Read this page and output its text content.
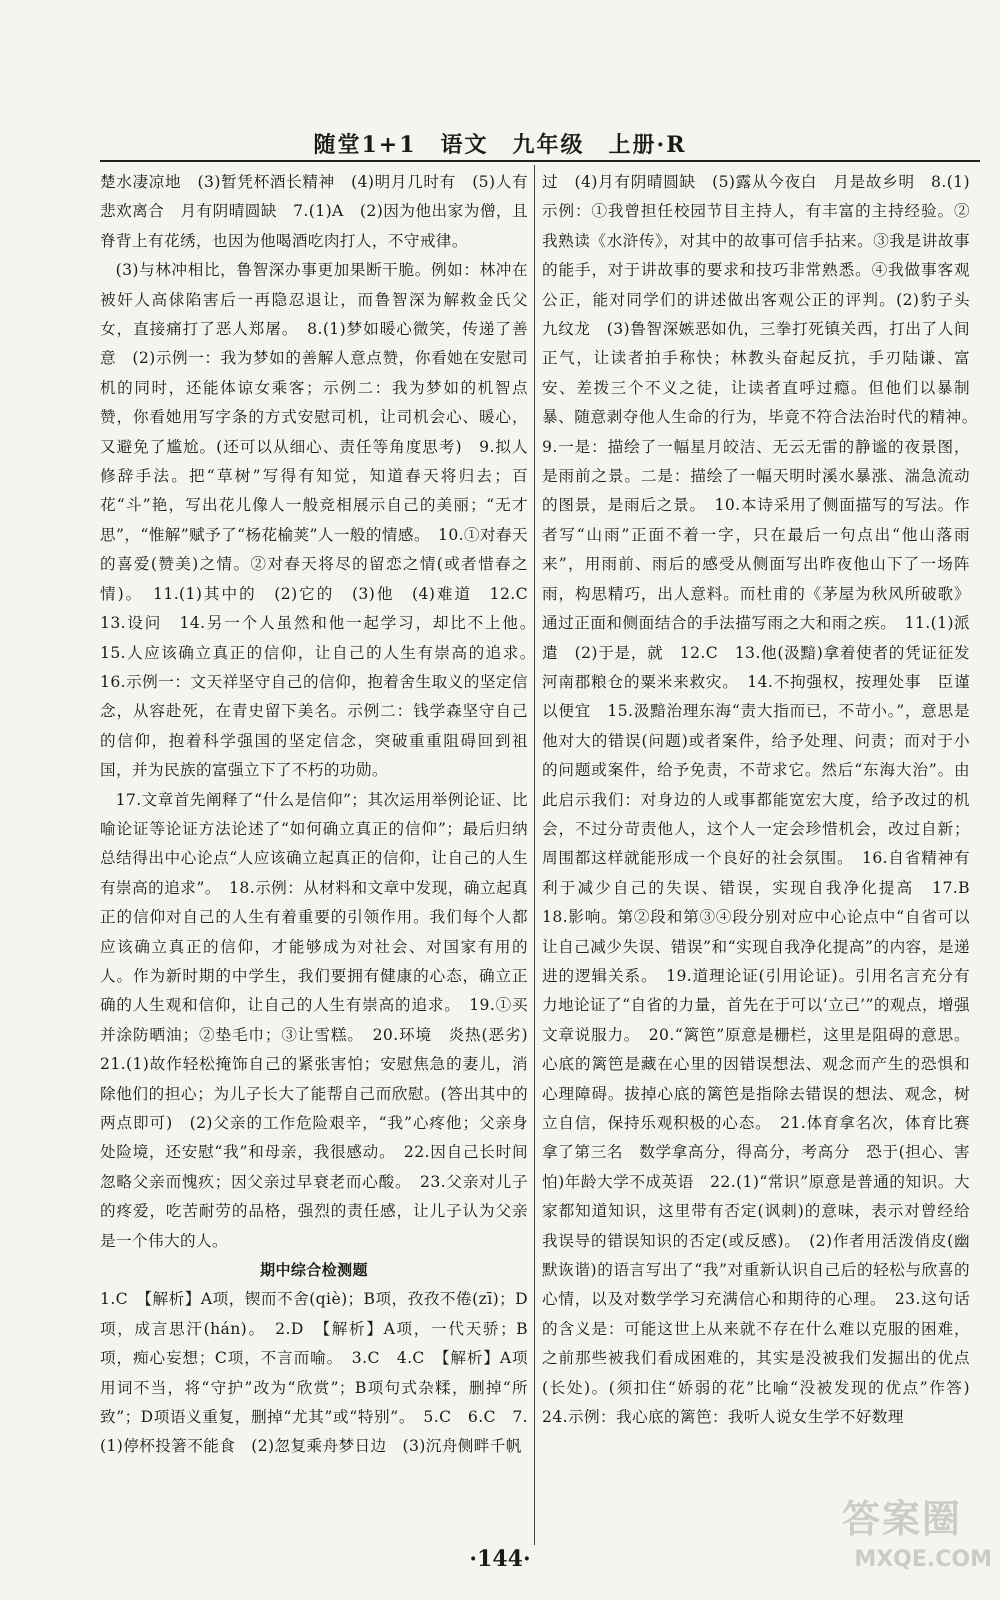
随堂1+1　语文　九年级　上册·R
楚水凄凉地　(3)暂凭杯酒长精神　(4)明月几时有　(5)人有悲欢离合　月有阴晴圆缺　7.(1)A　(2)因为他出家为僧，且脊背上有花绣，也因为他喝酒吃肉打人，不守戒律。
(3)与林冲相比，鲁智深办事更加果断干脆。例如：林冲在被奸人高俅陷害后一再隐忍退让，而鲁智深为解救金氏父女，直接痛打了恶人郑屠。　8.(1)梦如暖心微笑，传递了善意　(2)示例一：我为梦如的善解人意点赞，你看她在安慰司机的同时，还能体谅女乘客；示例二：我为梦如的机智点赞，你看她用写字条的方式安慰司机，让司机会心、暖心，又避免了尴尬。(还可以从细心、责任等角度思考)　9.拟人修辞手法。把“草树”写得有知觉，知道春天将归去；百花“斗”艳，写出花儿像人一般竞相展示自己的美丽；“无才思”，“惟解”赋予了“杨花榆荚”人一般的情感。　10.①对春天的喜爱(赞美)之情。②对春天将尽的留恋之情(或者惜春之情)。　11.(1)其中的　(2)它的　(3)他　(4)难道　12.C　13.设问　14.另一个人虽然和他一起学习，却比不上他。　15.人应该确立真正的信仰，让自己的人生有崇高的追求。　16.示例一：文天祥坚守自己的信仰，抱着舍生取义的坚定信念，从容赴死，在青史留下美名。示例二：钱学森坚守自己的信仰，抱着科学强国的坚定信念，突破重重阻碍回到祖国，并为民族的富强立下了不朽的功勋。
17.文章首先阐释了“什么是信仰”；其次运用举例论证、比喻论证等论证方法论述了“如何确立真正的信仰”；最后归纳总结得出中心论点“人应该确立起真正的信仰，让自己的人生有崇高的追求”。　18.示例：从材料和文章中发现，确立起真正的信仰对自己的人生有着重要的引领作用。我们每个人都应该确立真正的信仰，才能够成为对社会、对国家有用的人。作为新时期的中学生，我们要拥有健康的心态，确立正确的人生观和信仰，让自己的人生有崇高的追求。　19.①买并涂防晒油；②垫毛巾；③让雪糕。　20.环境　炎热(恶劣)　21.(1)故作轻松掩饰自己的紧张害怕；安慰焦急的妻儿，消除他们的担心；为儿子长大了能帮自己而欣慰。(答出其中的两点即可)　(2)父亲的工作危险艰辛，“我”心疼他；父亲身处险境，还安慰“我”和母亲，我很感动。　22.因自己长时间忽略父亲而愧疚；因父亲过早衰老而心酸。　23.父亲对儿子的疼爱，吃苦耐劳的品格，强烈的责任感，让儿子认为父亲是一个伟大的人。
期中综合检测题
1.C　【解析】A项，锲而不舍(qiè)；B项，孜孜不倦(zī)；D项，成言思汗(hán)。　2.D　【解析】A项，一代天骄；B项，痴心妄想；C项，不言而喻。　3.C　4.C　【解析】A项用词不当，将“守护”改为“欣赏”；B项句式杂糅，删掉“所致”；D项语义重复，删掉“尤其”或“特别”。　5.C　6.C　7.(1)停杯投箸不能食　(2)忽复乘舟梦日边　(3)沉舟侧畔千帆
过　(4)月有阴晴圆缺　(5)露从今夜白　月是故乡明　8.(1)示例：①我曾担任校园节目主持人，有丰富的主持经验。②我熟读《水浒传》，对其中的故事可信手拈来。③我是讲故事的能手，对于讲故事的要求和技巧非常熟悉。④我做事客观公正，能对同学们的讲述做出客观公正的评判。(2)豹子头　九纹龙　(3)鲁智深嫉恶如仇，三拳打死镇关西，打出了人间正气，让读者拍手称快；林教头奋起反抗，手刃陆谦、富安、差拨三个不义之徒，让读者直呼过瘾。但他们以暴制暴、随意剥夺他人生命的行为，毕竟不符合法治时代的精神。　9.一是：描绘了一幅星月皎洁、无云无雷的静谧的夜景图，是雨前之景。二是：描绘了一幅天明时溪水暴涨、湍急流动的图景，是雨后之景。　10.本诗采用了侧面描写的写法。作者写“山雨”正面不着一字，只在最后一句点出“他山落雨来”，用雨前、雨后的感受从侧面写出昨夜他山下了一场阵雨，构思精巧，出人意料。而杜甫的《茅屋为秋风所破歌》通过正面和侧面结合的手法描写雨之大和雨之疾。　11.(1)派遣　(2)于是，就　12.C　13.他(汲黯)拿着使者的凭证征发河南郡粮仓的粟米来救灾。　14.不拘强权，按理处事　臣谨以便宜　15.汲黯治理东海“责大指而已，不苛小。”，意思是他对大的错误(问题)或者案件，给予处理、问责；而对于小的问题或案件，给予免责，不苛求它。然后“东海大治”。由此启示我们：对身边的人或事都能宽宏大度，给予改过的机会，不过分苛责他人，这个人一定会珍惜机会，改过自新；周围都这样就能形成一个良好的社会氛围。　16.自省精神有利于减少自己的失误、错误，实现自我净化提高　17.B　18.影响。第②段和第③④段分别对应中心论点中“自省可以让自己减少失误、错误”和“实现自我净化提高”的内容，是递进的逻辑关系。　19.道理论证(引用论证)。引用名言充分有力地论证了“自省的力量，首先在于可以‘立己’”的观点，增强文章说服力。　20.“篱笆”原意是栅栏，这里是阻碍的意思。心底的篱笆是藏在心里的因错误想法、观念而产生的恐惧和心理障碍。拔掉心底的篱笆是指除去错误的想法、观念，树立自信，保持乐观积极的心态。　21.体育拿名次，体育比赛拿了第三名　数学拿高分，得高分，考高分　恐于(担心、害怕)年龄大学不成英语　22.(1)“常识”原意是普通的知识。大家都知道知识，这里带有否定(讽刺)的意味，表示对曾经给我误导的错误知识的否定(或反感)。　(2)作者用活泼俏皮(幽默诙谐)的语言写出了“我”对重新认识自己后的轻松与欣喜的心情，以及对数学学习充满信心和期待的心理。　23.这句话的含义是：可能这世上从来就不存在什么难以克服的困难，之前那些被我们看成困难的，其实是没被我们发掘出的优点(长处)。(须扣住“娇弱的花”比喻“没被发现的优点”作答)　24.示例：我心底的篱笆：我听人说女生学不好数理
·144·
答案圈
MXQE.COM
